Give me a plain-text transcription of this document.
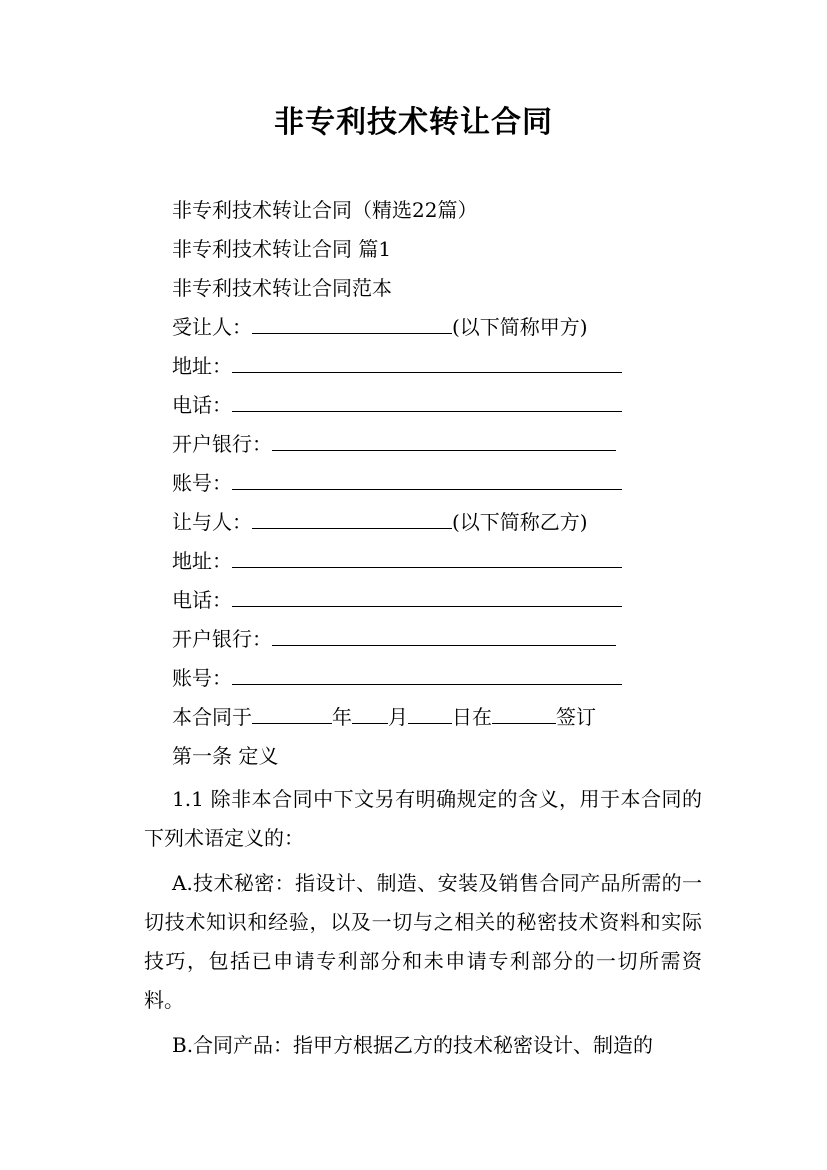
非专利技术转让合同
非专利技术转让合同（精选22篇）
非专利技术转让合同 篇1
非专利技术转让合同范本
受让人：	(以下简称甲方)
地址：
电话：
开户银行：
账号：
让与人：	(以下简称乙方)
地址：
电话：
开户银行：
账号：
本合同于	年 月 日在	签订
第一条 定义

1.1 除非本合同中下文另有明确规定的含义，用于本合同的下列术语定义的：

A.技术秘密：指设计、制造、安装及销售合同产品所需的一切技术知识和经验，以及一切与之相关的秘密技术资料和实际技巧，包括已申请专利部分和未申请专利部分的一切所需资料。

B.合同产品：指甲方根据乙方的技术秘密设计、制造的
